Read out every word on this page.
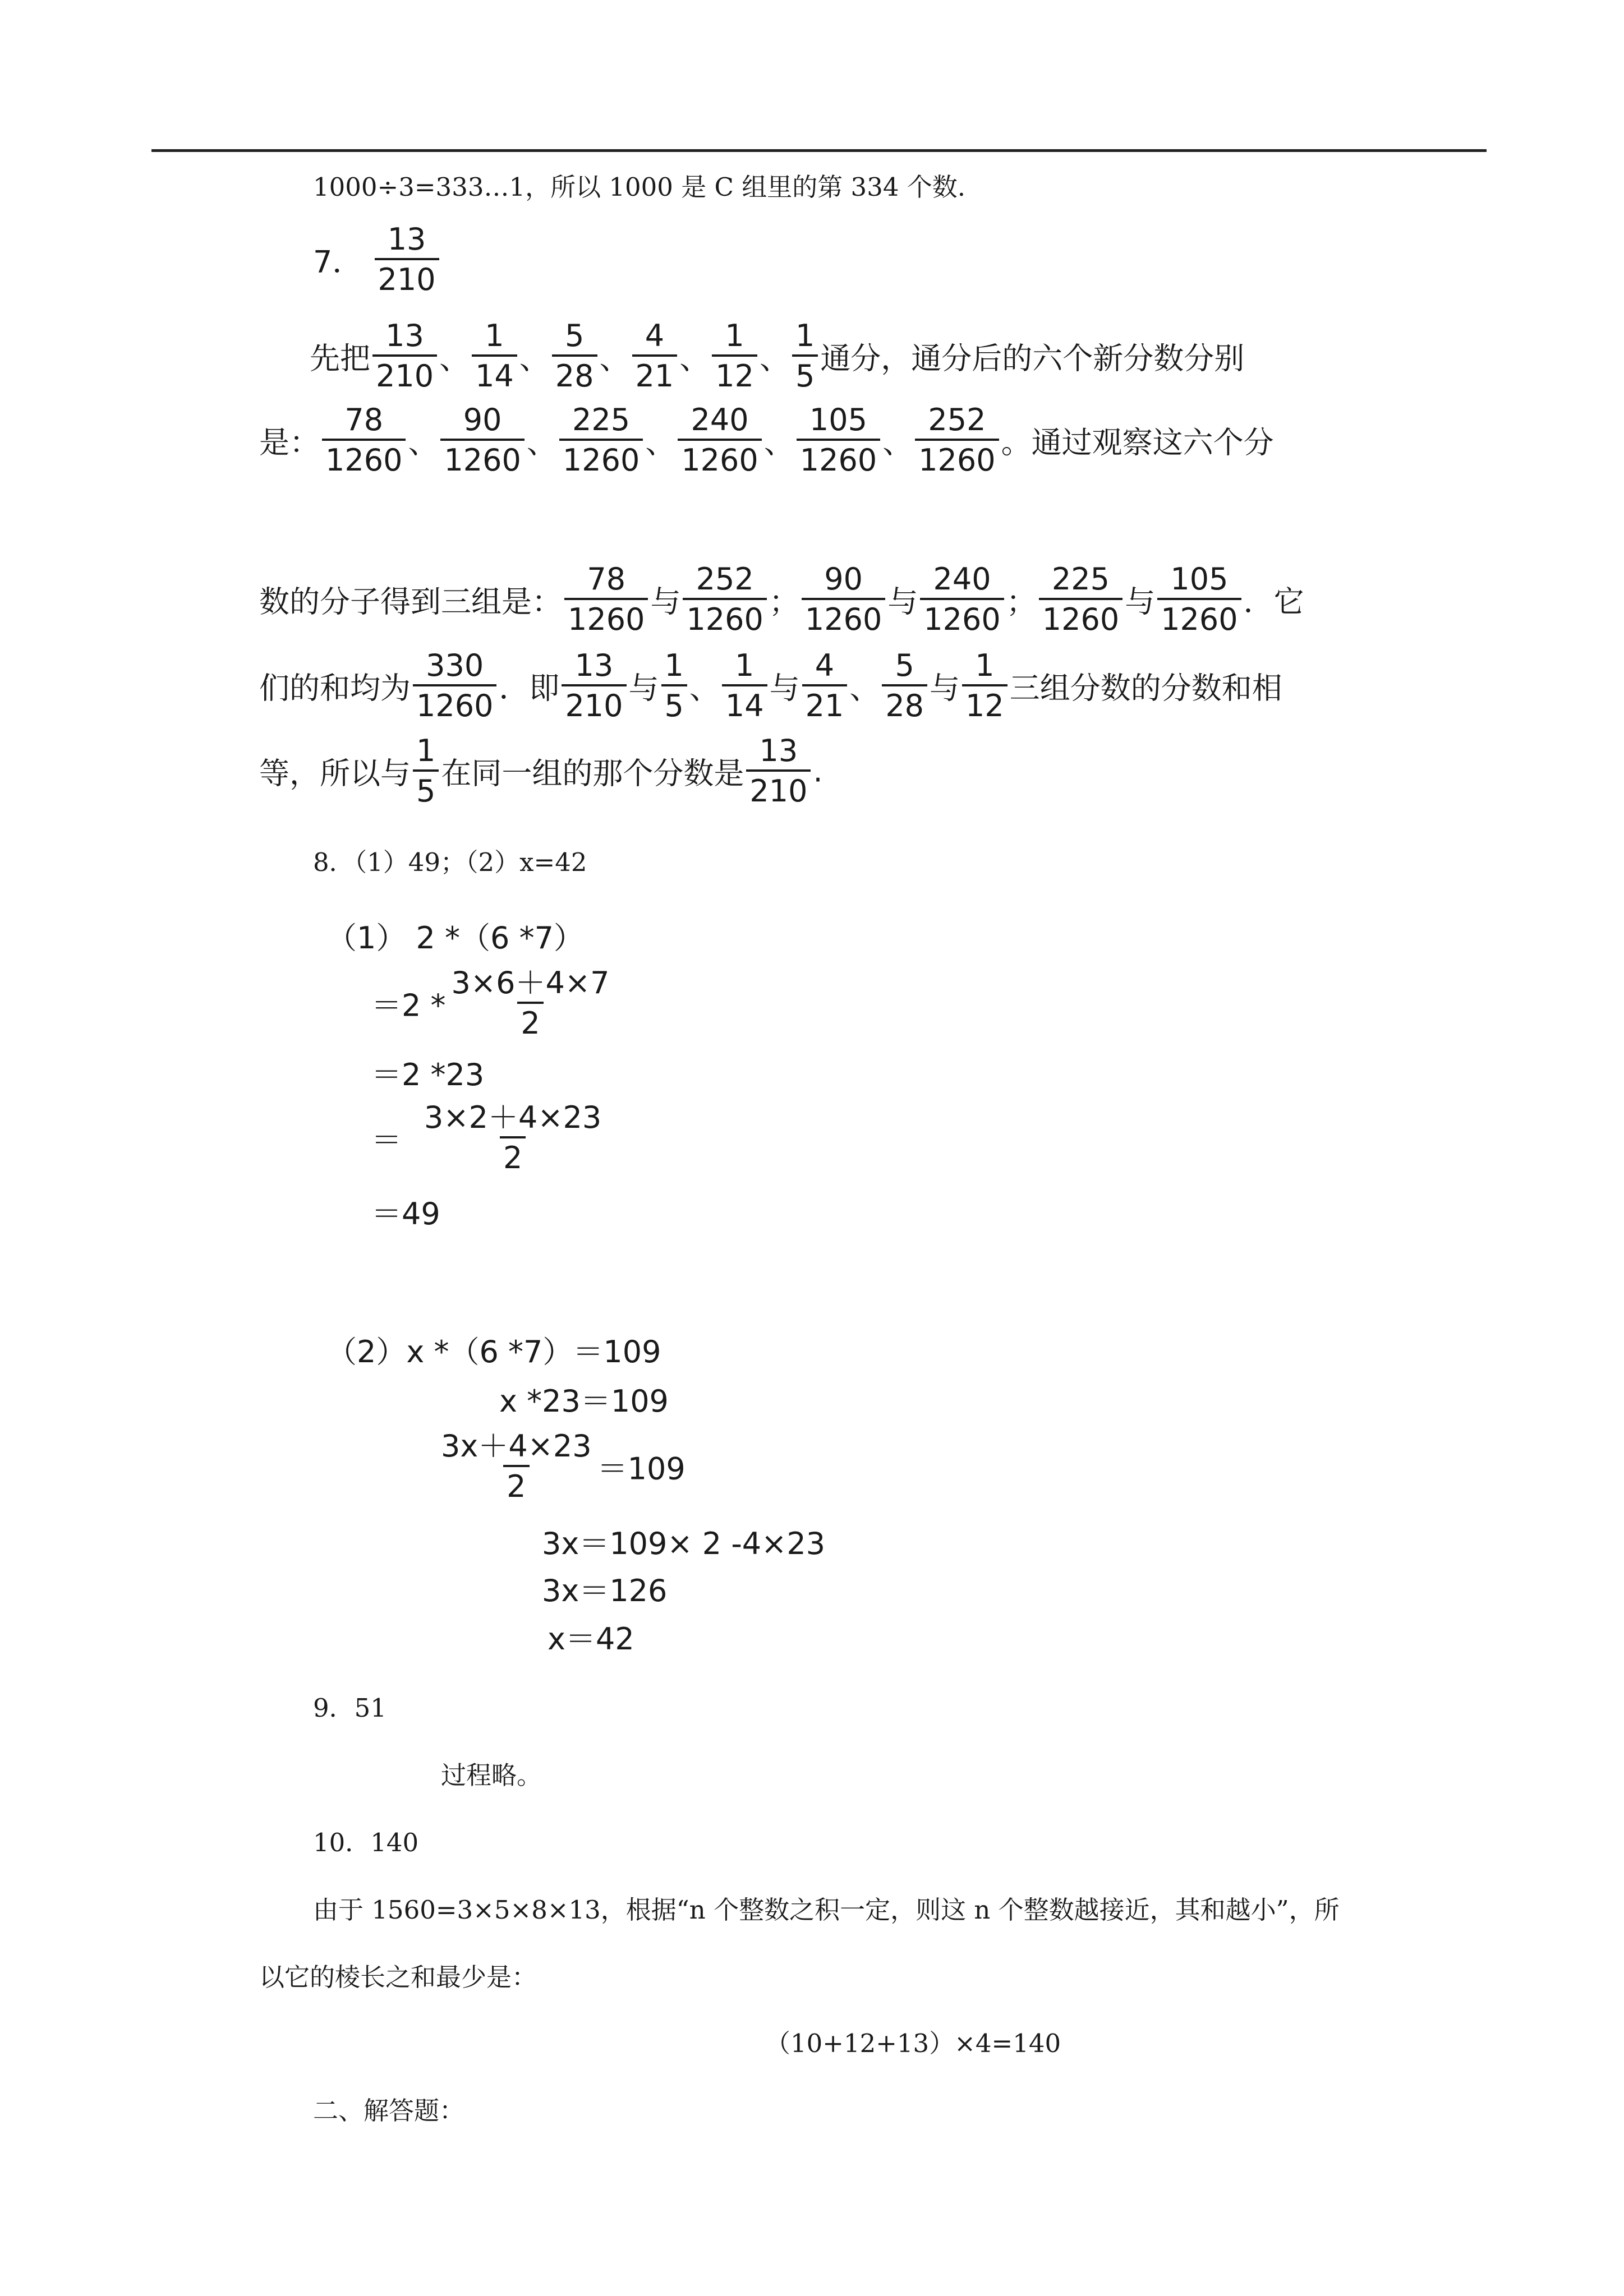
1000÷3=333…1，所以 1000 是 C 组里的第 334 个数.
7． $\frac{13}{210}$
先把 $\frac{13}{210}$ 、 $\frac{1}{14}$ 、 $\frac{5}{28}$ 、 $\frac{4}{21}$ 、 $\frac{1}{12}$ 、 $\frac{1}{5}$ 通分，通分后的六个新分数分别
是： $\frac{78}{1260}$ 、 $\frac{90}{1260}$ 、 $\frac{225}{1260}$ 、 $\frac{240}{1260}$ 、 $\frac{105}{1260}$ 、 $\frac{252}{1260}$ 。通过观察这六个分
数的分子得到三组是： $\frac{78}{1260}$ 与 $\frac{252}{1260}$ ； $\frac{90}{1260}$ 与 $\frac{240}{1260}$ ； $\frac{225}{1260}$ 与 $\frac{105}{1260}$ ．它
们的和均为 $\frac{330}{1260}$ ．即 $\frac{13}{210}$ 与 $\frac{1}{5}$ 、 $\frac{1}{14}$ 与 $\frac{4}{21}$ 、 $\frac{5}{28}$ 与 $\frac{1}{12}$ 三组分数的分数和相
等，所以与 $\frac{1}{5}$ 在同一组的那个分数是 $\frac{13}{210}$ .
8．（1）49；（2）x=42
（1） 2 *（6 *7）
$=2 * \frac{3\times 6+4\times 7}{2}$
＝2 *23
＝ $\frac{3\times 2+4\times 23}{2}$
＝49
（2）x *（6 *7）＝109
x *23＝109
$\frac{3x+4\times 23}{2} =109$
3x＝109× 2 -4×23
3x＝126
x＝42
9．51
过程略。
10．140
由于 1560=3×5×8×13，根据“n 个整数之积一定，则这 n 个整数越接近，其和越小”，所
以它的棱长之和最少是：
（10+12+13）×4=140
二、解答题：
